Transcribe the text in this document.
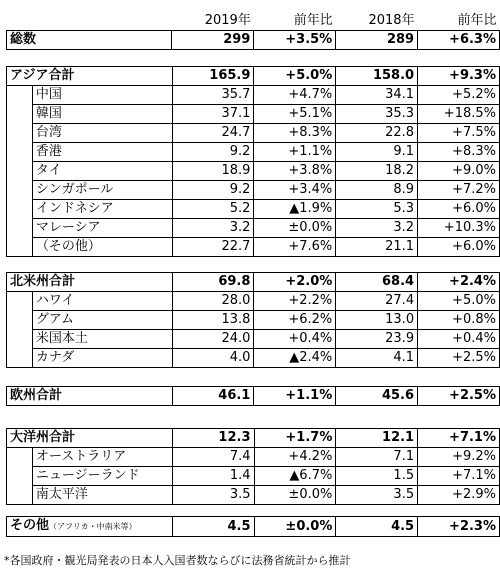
		2019年	前年比	2018年	前年比
総数		299	+3.5%	289	+6.3%
アジア合計		165.9	+5.0%	158.0	+9.3%
	中国	35.7	+4.7%	34.1	+5.2%
	韓国	37.1	+5.1%	35.3	+18.5%
	台湾	24.7	+8.3%	22.8	+7.5%
	香港	9.2	+1.1%	9.1	+8.3%
	タイ	18.9	+3.8%	18.2	+9.0%
	シンガポール	9.2	+3.4%	8.9	+7.2%
	インドネシア	5.2	▲1.9%	5.3	+6.0%
	マレーシア	3.2	±0.0%	3.2	+10.3%
	（その他）	22.7	+7.6%	21.1	+6.0%
北米州合計		69.8	+2.0%	68.4	+2.4%
	ハワイ	28.0	+2.2%	27.4	+5.0%
	グアム	13.8	+6.2%	13.0	+0.8%
	米国本土	24.0	+0.4%	23.9	+0.4%
	カナダ	4.0	▲2.4%	4.1	+2.5%
欧州合計	46.1	+1.1%	45.6	+2.5%
大洋州合計		12.3	+1.7%	12.1	+7.1%
	オーストラリア	7.4	+4.2%	7.1	+9.2%
	ニュージーランド	1.4	▲6.7%	1.5	+7.1%
	南太平洋	3.5	±0.0%	3.5	+2.9%
その他（アフリカ・中南米等）	4.5	±0.0%	4.5	+2.3%
*各国政府・観光局発表の日本人入国者数ならびに法務省統計から推計
